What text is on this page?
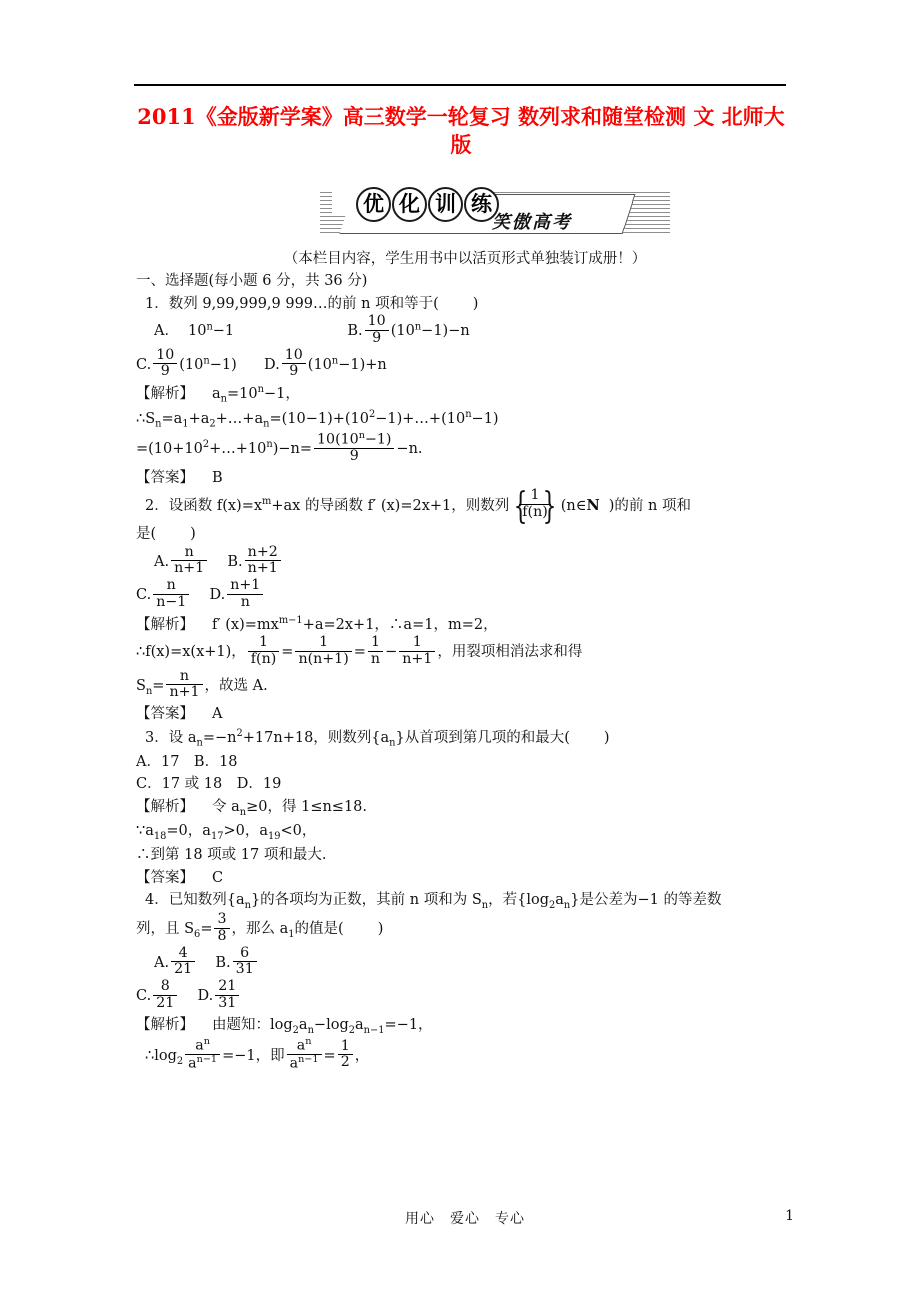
2011《金版新学案》高三数学一轮复习 数列求和随堂检测 文 北师大版
优 化 训 练
笑傲高考
（本栏目内容，学生用书中以活页形式单独装订成册！）
一、选择题(每小题 6 分，共 36 分)
1．数列 9,99,999,9 999…的前 n 项和等于( )
A． $10^n-1$	B. $\frac{10}{9} (10^n-1)-n$
C. $\frac{10}{9} (10^n-1)$ D. $\frac{10}{9} (10^n-1)+n$
【解析】 $a_n=10^n-1$，
$\therefore S_n=a_1+a_2+\dots+a_n=(10-1)+(10^2-1)+\dots+(10^n-1)$
$=(10+10^2+\dots+10^n)-n= \frac{10(10^n-1)}{9} -n$.
【答案】 B
2．设函数 $f(x)=x^m+ax$ 的导函数 f′ (x)=2x+1，则数列 { $\frac{1}{f(n)}$
} (n∈N )的前 n 项和
是( )
A. $\frac{n}{n+1} B$. $\frac{n+2}{n+1}$
C. $\frac{n}{n-1} D$. $\frac{n+1}{n}$
【解析】 f′ $(x)=mx^{m-1}+a=2x+1$，∴a=1，m=2，
∴f(x)=x(x+1)， $\frac{1}{f(n)} = \frac{1}{n(n+1)} = \frac{1}{n} - \frac{1}{n+1}$ ，用裂项相消法求和得
$S_n= \frac{n}{n+1}$ ，故选 A.
【答案】 A
3．设 $a_n=-n^2+17n+18$，则数列$\{a_n\}$从首项到第几项的和最大( )
A．17　B．18
C．17 或 18　D．19
【解析】 令 $a_n\ge 0$，得 1≤n≤18.
$\because a_{18}=0$，$a_{17}>0$，$a_{19}<0$，
∴到第 18 项或 17 项和最大.
【答案】 C
4．已知数列$\{a_n\}$的各项均为正数，其前 n 项和为 $S_n$，若$\{\log_2a_n\}$是公差为−1 的等差数
列，且 $S_6= \frac{3}{8}$ ，那么 $a_1$的值是( )
A. $\frac{4}{21} B$. $\frac{6}{31}$
C. $\frac{8}{21} D$. $\frac{21}{31}$
【解析】 由题知：$\log_2a_n-\log_2a_{n-1}=-1$，
$\therefore\log_2 \frac{a^n}{a^{n-1}} =-1$，即 $\frac{a^n}{a^{n-1}} = \frac{1}{2}$ ，
用心　爱心　专心	1
